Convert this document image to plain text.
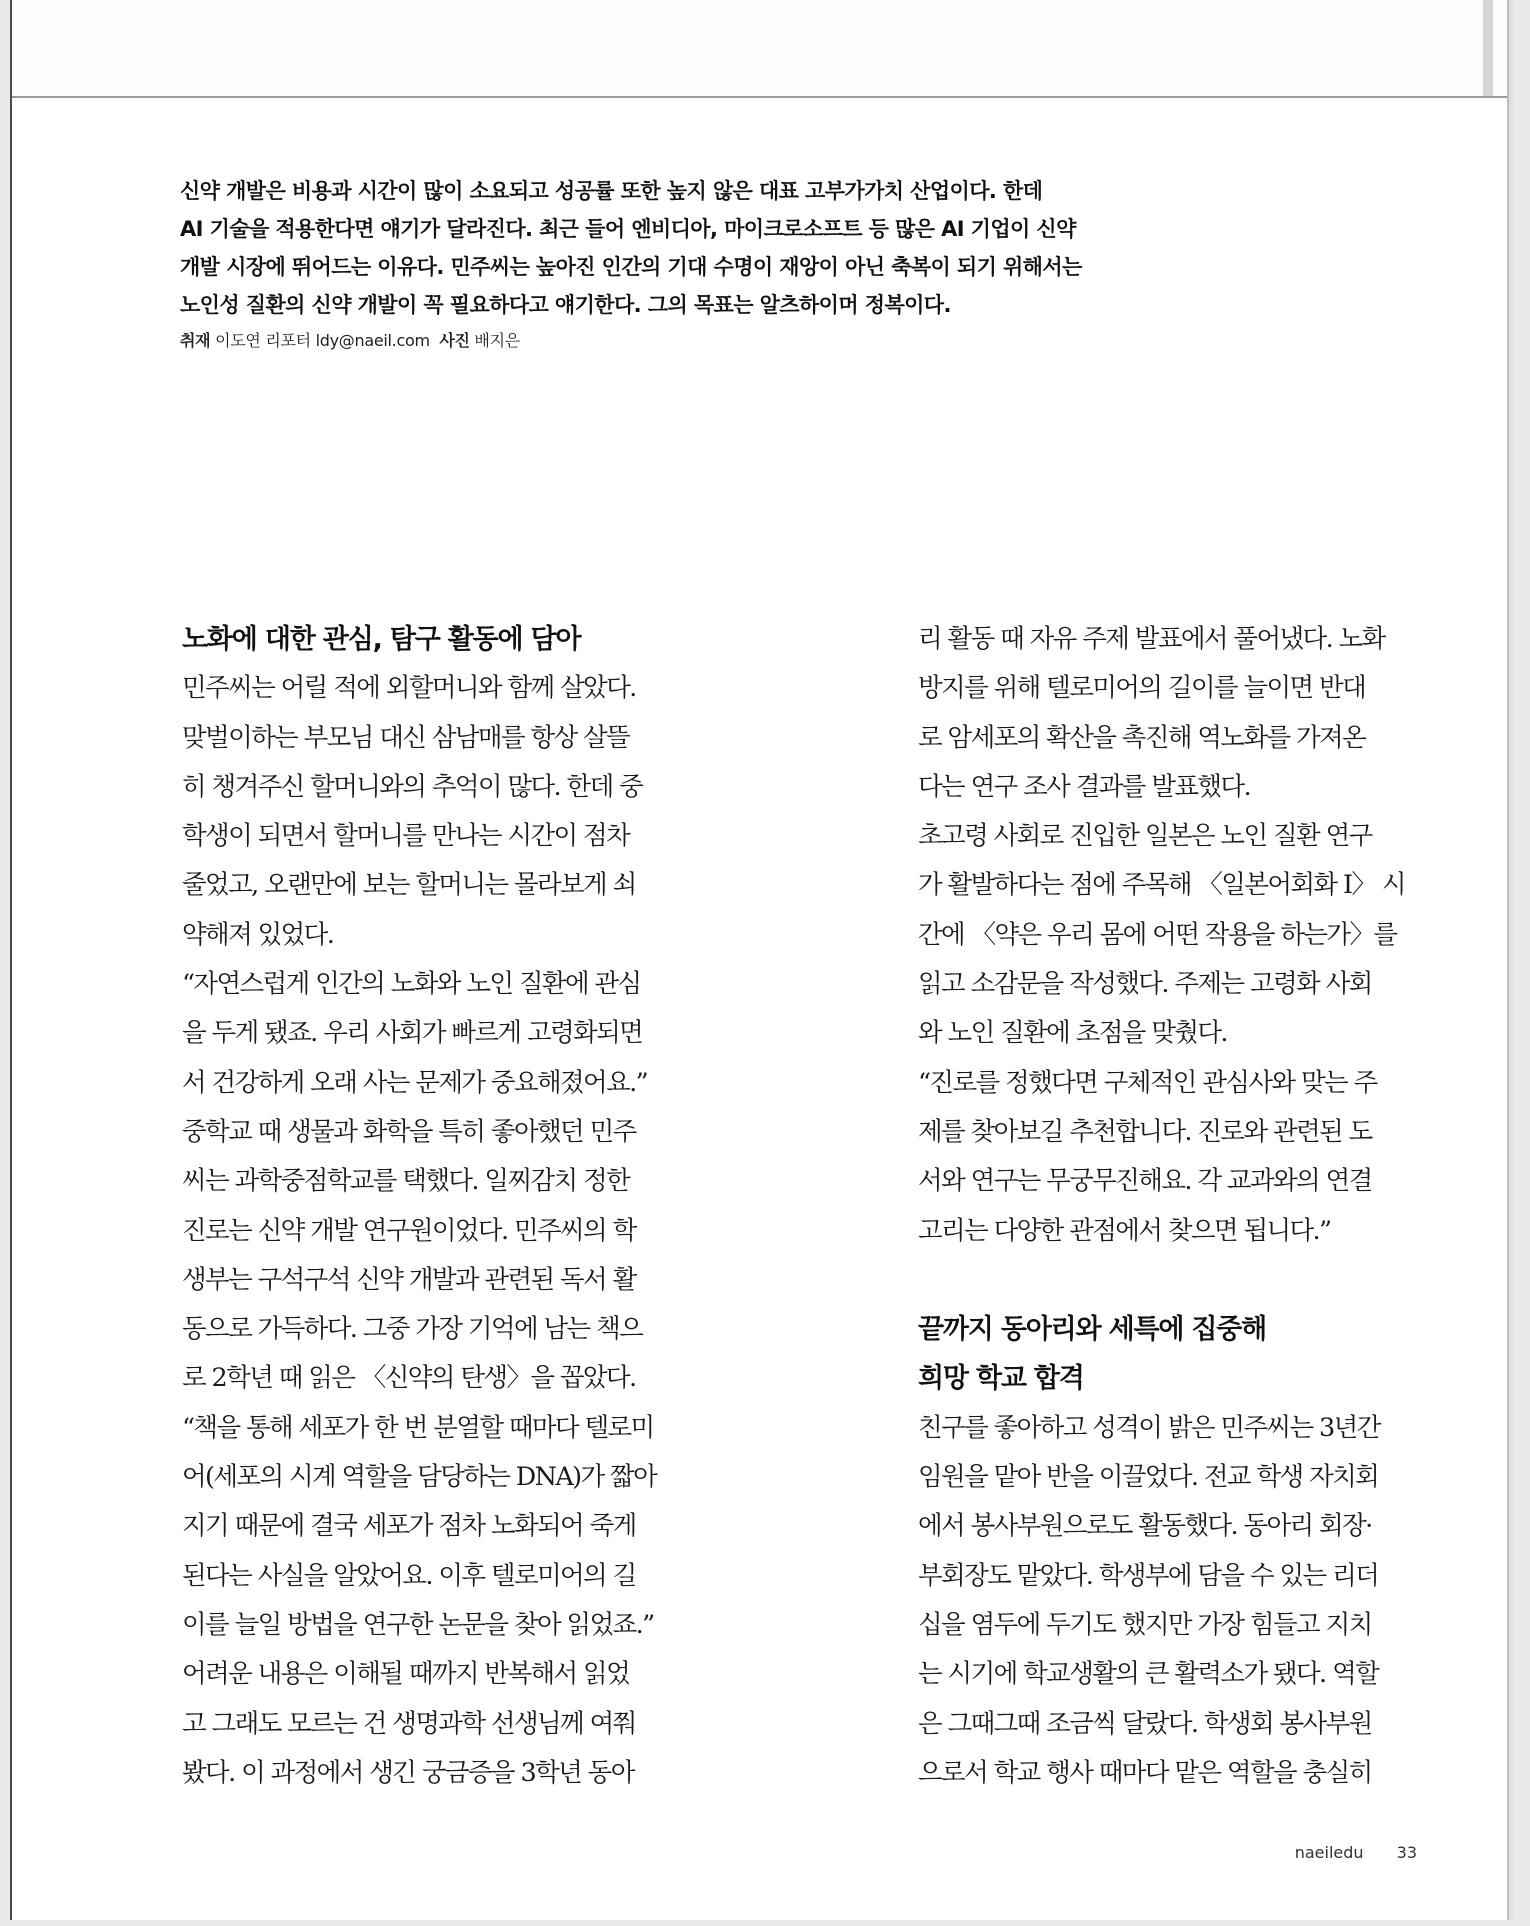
신약 개발은 비용과 시간이 많이 소요되고 성공률 또한 높지 않은 대표 고부가가치 산업이다. 한데

AI 기술을 적용한다면 얘기가 달라진다. 최근 들어 엔비디아, 마이크로소프트 등 많은 AI 기업이 신약

개발 시장에 뛰어드는 이유다. 민주씨는 높아진 인간의 기대 수명이 재앙이 아닌 축복이 되기 위해서는

노인성 질환의 신약 개발이 꼭 필요하다고 얘기한다. 그의 목표는 알츠하이머 정복이다.

취재 이도연 리포터 ldy@naeil.com 사진 배지은
노화에 대한 관심, 탐구 활동에 담아
민주씨는 어릴 적에 외할머니와 함께 살았다.
맞벌이하는 부모님 대신 삼남매를 항상 살뜰
히 챙겨주신 할머니와의 추억이 많다. 한데 중
학생이 되면서 할머니를 만나는 시간이 점차
줄었고, 오랜만에 보는 할머니는 몰라보게 쇠
약해져 있었다.
“자연스럽게 인간의 노화와 노인 질환에 관심
을 두게 됐죠. 우리 사회가 빠르게 고령화되면
서 건강하게 오래 사는 문제가 중요해졌어요.”
중학교 때 생물과 화학을 특히 좋아했던 민주
씨는 과학중점학교를 택했다. 일찌감치 정한
진로는 신약 개발 연구원이었다. 민주씨의 학
생부는 구석구석 신약 개발과 관련된 독서 활
동으로 가득하다. 그중 가장 기억에 남는 책으
로 2학년 때 읽은 〈신약의 탄생〉을 꼽았다.
“책을 통해 세포가 한 번 분열할 때마다 텔로미
어(세포의 시계 역할을 담당하는 DNA)가 짧아
지기 때문에 결국 세포가 점차 노화되어 죽게
된다는 사실을 알았어요. 이후 텔로미어의 길
이를 늘일 방법을 연구한 논문을 찾아 읽었죠.”
어려운 내용은 이해될 때까지 반복해서 읽었
고 그래도 모르는 건 생명과학 선생님께 여쭤
봤다. 이 과정에서 생긴 궁금증을 3학년 동아
리 활동 때 자유 주제 발표에서 풀어냈다. 노화
방지를 위해 텔로미어의 길이를 늘이면 반대
로 암세포의 확산을 촉진해 역노화를 가져온
다는 연구 조사 결과를 발표했다.
초고령 사회로 진입한 일본은 노인 질환 연구
가 활발하다는 점에 주목해 〈일본어회화 I〉 시
간에 〈약은 우리 몸에 어떤 작용을 하는가〉를
읽고 소감문을 작성했다. 주제는 고령화 사회
와 노인 질환에 초점을 맞췄다.
“진로를 정했다면 구체적인 관심사와 맞는 주
제를 찾아보길 추천합니다. 진로와 관련된 도
서와 연구는 무궁무진해요. 각 교과와의 연결
고리는 다양한 관점에서 찾으면 됩니다.”
끝까지 동아리와 세특에 집중해
희망 학교 합격
친구를 좋아하고 성격이 밝은 민주씨는 3년간
임원을 맡아 반을 이끌었다. 전교 학생 자치회
에서 봉사부원으로도 활동했다. 동아리 회장·
부회장도 맡았다. 학생부에 담을 수 있는 리더
십을 염두에 두기도 했지만 가장 힘들고 지치
는 시기에 학교생활의 큰 활력소가 됐다. 역할
은 그때그때 조금씩 달랐다. 학생회 봉사부원
으로서 학교 행사 때마다 맡은 역할을 충실히
naeiledu 33
